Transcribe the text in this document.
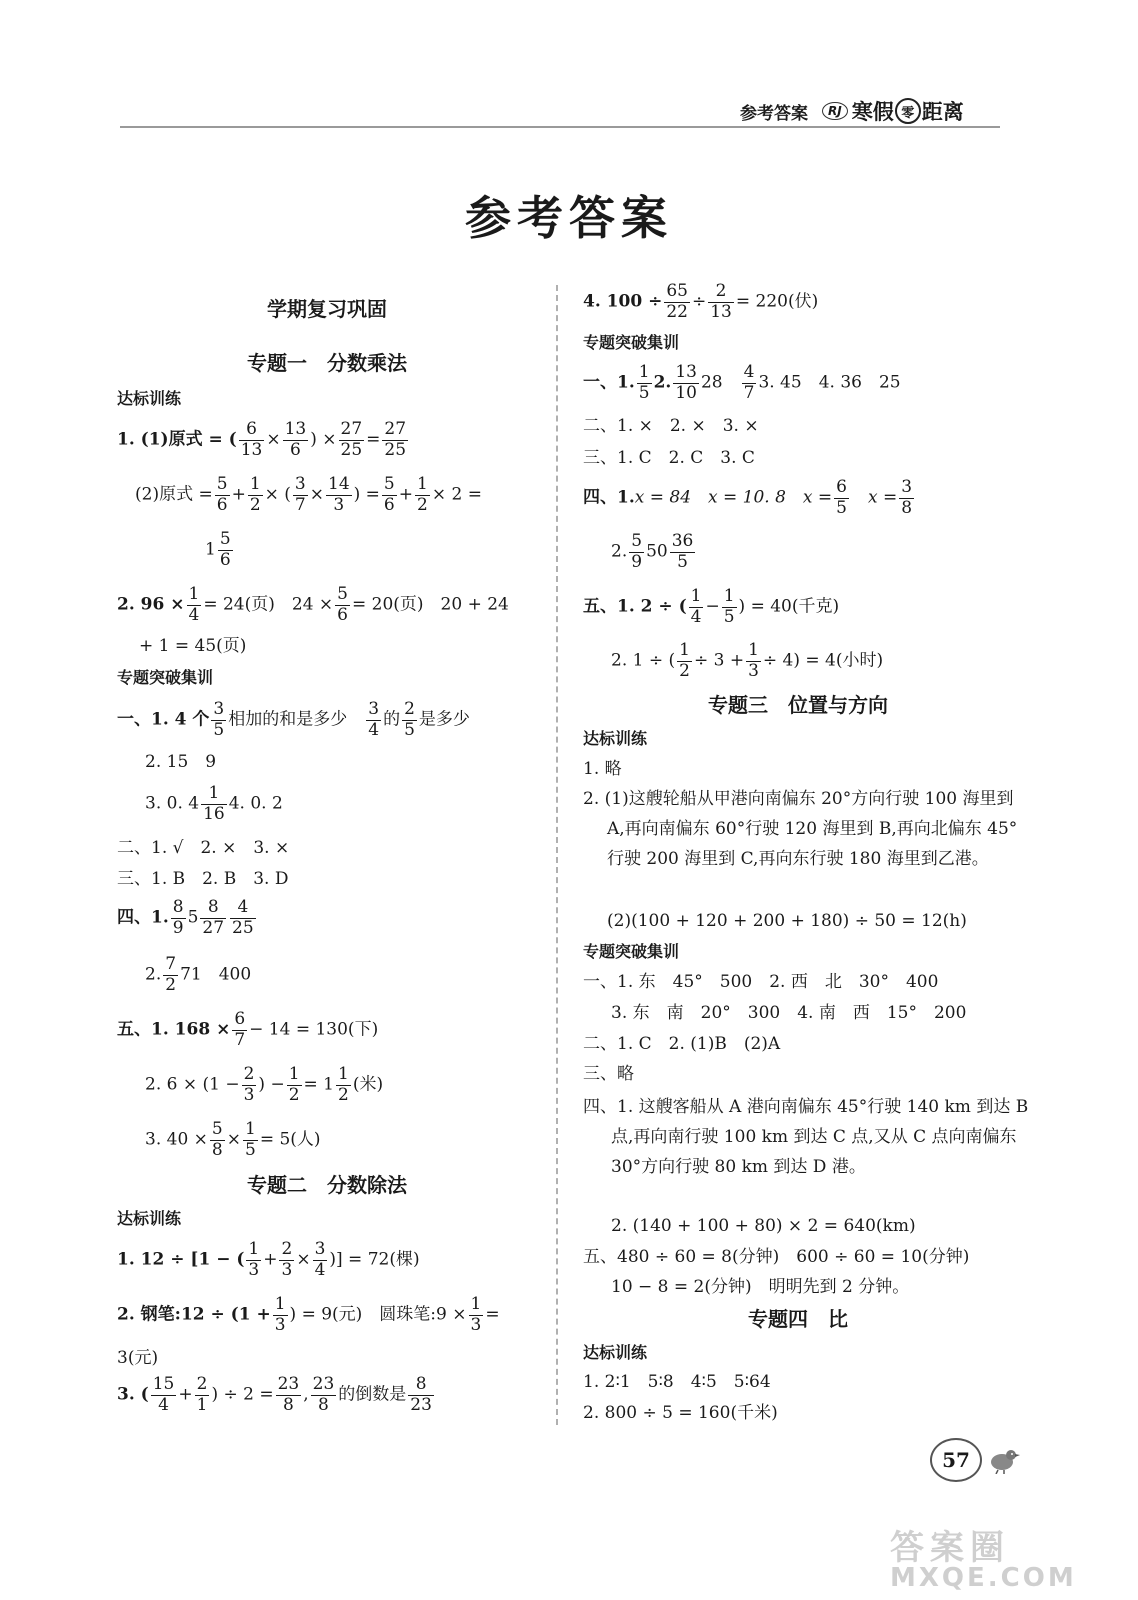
参考答案	RJ 寒假 零 距离
参考答案
学期复习巩固
专题一　分数乘法
达标训练
1. (1)原式 = ( $\frac{6}{13} \times \frac{13}{6}$ ) × $\frac{27}{25} = \frac{27}{25}$
(2)原式 = $\frac{5}{6} + \frac{1}{2}$ × ( $\frac{3}{7} \times \frac{14}{3}$ ) = $\frac{5}{6} + \frac{1}{2} \times 2$ =
$1 \frac{5}{6}$
2. $96 \times \frac{1}{4} = 24$(页)　$24 \times \frac{5}{6} = 20$(页)　20 + 24
+ 1 = 45(页)
专题突破集训
一、1. 4 个 $\frac{3}{5}$ 相加的和是多少　 $\frac{3}{4}$ 的 $\frac{2}{5}$ 是多少
2. 15　9
3. 0. $4 \frac{1}{16} 4$. 0. 2
二、1. √　2. ×　3. ×
三、1. B　2. B　3. D
四、1. $\frac{8}{9} 5 \frac{8}{27} \frac{4}{25}$
2. $\frac{7}{2} 71$　400
五、1. $168 \times \frac{6}{7} - 14 = 130$(下)
2. $6 \times (1 - \frac{2}{3}$ ) − $\frac{1}{2} = 1 \frac{1}{2}$ (米)
3. $40 \times \frac{5}{8} \times \frac{1}{5} = 5$(人)
专题二　分数除法
达标训练
1. 12 ÷ [1 − ( $\frac{1}{3} + \frac{2}{3} \times \frac{3}{4}$ )] = 72(棵)
2. 钢笔:12 ÷ ($1 + \frac{1}{3}$ ) = 9(元)　圆珠笔:9 × $\frac{1}{3}$ =
3(元)
3. ( $\frac{15}{4} + \frac{2}{1}$ ) ÷ $2 = \frac{23}{8}$ , $\frac{23}{8}$ 的倒数是 $\frac{8}{23}$
4. $100 \div \frac{65}{22} \div \frac{2}{13} = 220$(伏)
专题突破集训
一、1. $\frac{1}{5} 2$. $\frac{13}{10} 28$　 $\frac{4}{7} 3$. 45　4. 36　25
二、1. ×　2. ×　3. ×
三、1. C　2. C　3. C
四、1.x = 84　x = 10. 8　$x = \frac{6}{5}$ 　$x = \frac{3}{8}$
2. $\frac{5}{9} 50 \frac{36}{5}$
五、1. 2 ÷ ( $\frac{1}{4} - \frac{1}{5}$ ) = 40(千克)
2. 1 ÷ ( $\frac{1}{2} \div 3 + \frac{1}{3} \div 4) = 4$(小时)
专题三　位置与方向
达标训练
1. 略
2. (1)这艘轮船从甲港向南偏东 20°方向行驶 100 海里到A,再向南偏东 60°行驶 120 海里到 B,再向北偏东 45°行驶 200 海里到 C,再向东行驶 180 海里到乙港。
(2)(100 + 120 + 200 + 180) ÷ 50 = 12(h)
专题突破集训
一、1. 东　45°　500　2. 西　北　30°　400
3. 东　南　20°　300　4. 南　西　15°　200
二、1. C　2. (1)B　(2)A
三、略
四、1. 这艘客船从 A 港向南偏东 45°行驶 140 km 到达 B 点,再向南行驶 100 km 到达 C 点,又从 C 点向南偏东 30°方向行驶 80 km 到达 D 港。
2. (140 + 100 + 80) × 2 = 640(km)
五、480 ÷ 60 = 8(分钟)　600 ÷ 60 = 10(分钟)
10 − 8 = 2(分钟)　明明先到 2 分钟。
专题四　比
达标训练
1. 2∶1　5∶8　4∶5　5∶64
2. 800 ÷ 5 = 160(千米)
57
答案圈
MXQE.COM
